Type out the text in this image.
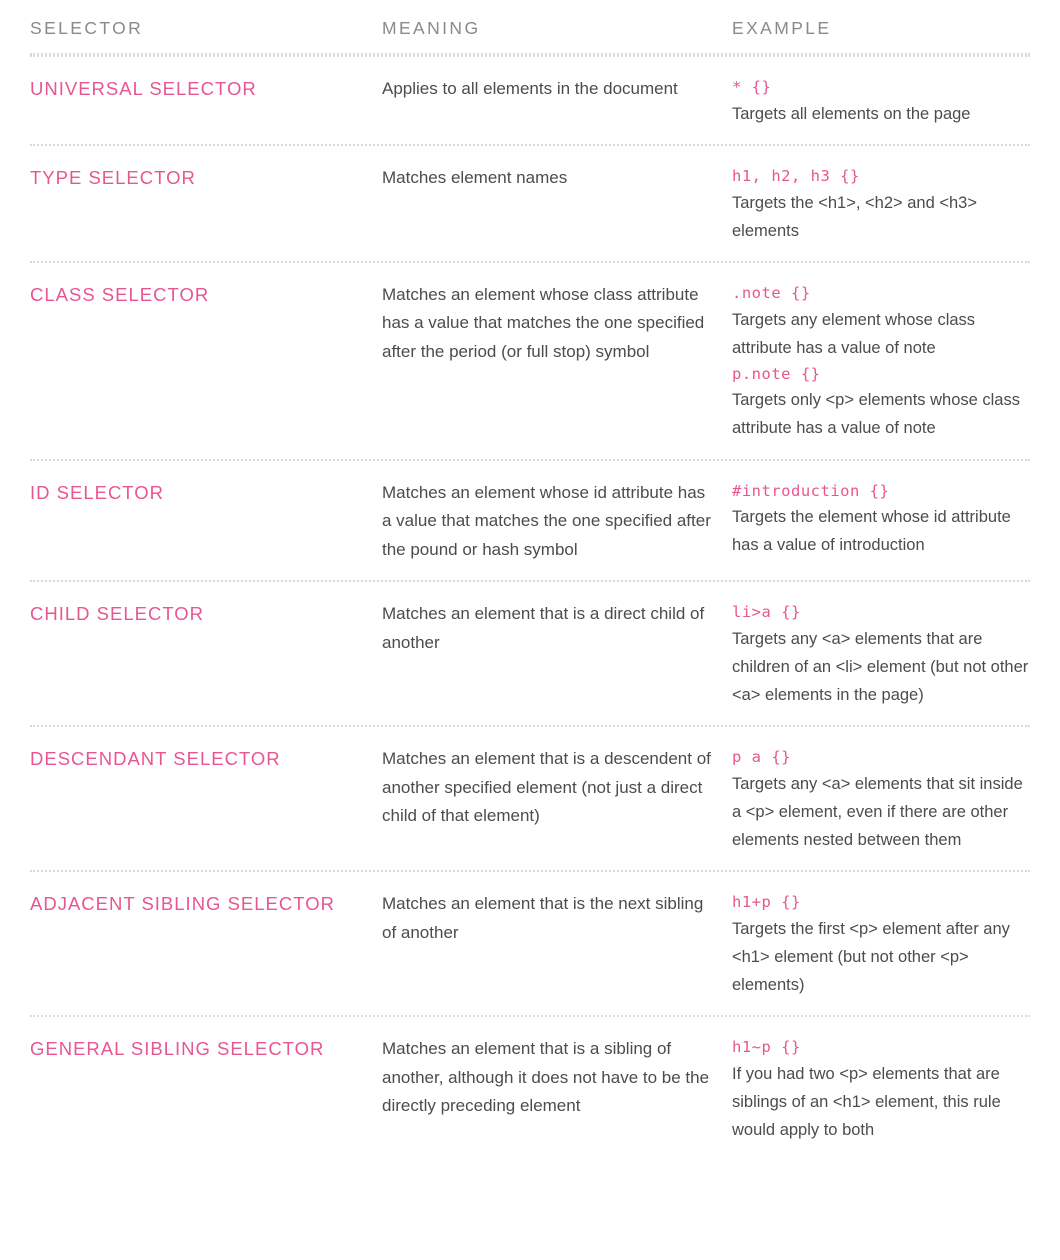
SELECTOR	MEANING	EXAMPLE
UNIVERSAL SELECTOR	Applies to all elements in the document	* {}
Targets all elements on the page
TYPE SELECTOR	Matches element names	h1, h2, h3 {}
Targets the <h1>, <h2> and <h3> elements
CLASS SELECTOR	Matches an element whose class attribute has a value that matches the one specified after the period (or full stop) symbol
.note {}
Targets any element whose class attribute has a value of note
p.note {}
Targets only <p> elements whose class attribute has a value of note
ID SELECTOR	Matches an element whose id attribute has a value that matches the one specified after the pound or hash symbol
#introduction {}
Targets the element whose id attribute has a value of introduction
CHILD SELECTOR	Matches an element that is a direct child of another
li>a {}
Targets any <a> elements that are children of an <li> element (but not other <a> elements in the page)
DESCENDANT SELECTOR	Matches an element that is a descendent of another specified element (not just a direct child of that element)
p a {}
Targets any <a> elements that sit inside a <p> element, even if there are other elements nested between them
ADJACENT SIBLING SELECTOR	Matches an element that is the next sibling of another
h1+p {}
Targets the first <p> element after any <h1> element (but not other <p> elements)
GENERAL SIBLING SELECTOR	Matches an element that is a sibling of another, although it does not have to be the directly preceding element
h1~p {}
If you had two <p> elements that are siblings of an <h1> element, this rule would apply to both
